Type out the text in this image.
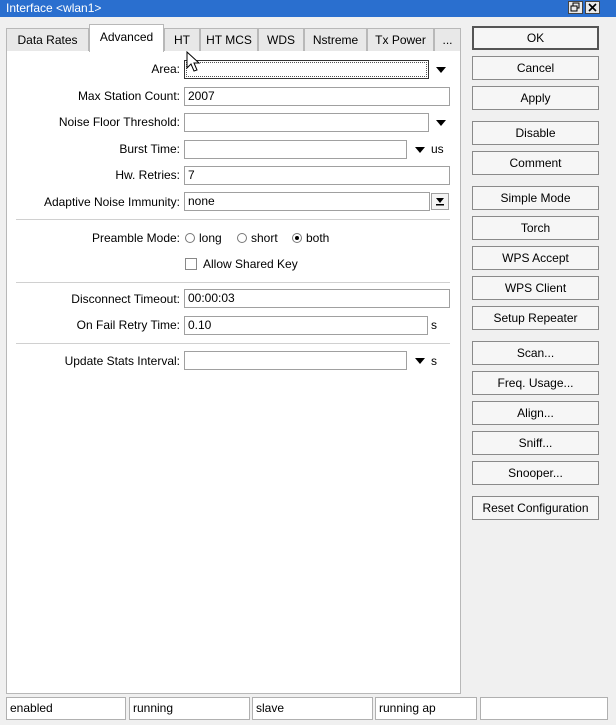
Interface <wlan1>
Data Rates	Advanced	HT	HT MCS	WDS	Nstreme	Tx Power	...
Area:
Max Station Count: 2007
Noise Floor Threshold:
Burst Time:	us
Hw. Retries: 7
Adaptive Noise Immunity: none
Preamble Mode:	long	short	both
Allow Shared Key
Disconnect Timeout: 00:00:03
On Fail Retry Time: 0.10	s
Update Stats Interval:	s
OK
Cancel
Apply
Disable
Comment
Simple Mode
Torch
WPS Accept
WPS Client
Setup Repeater
Scan...
Freq. Usage...
Align...
Sniff...
Snooper...
Reset Configuration
enabled	running	slave	running ap
